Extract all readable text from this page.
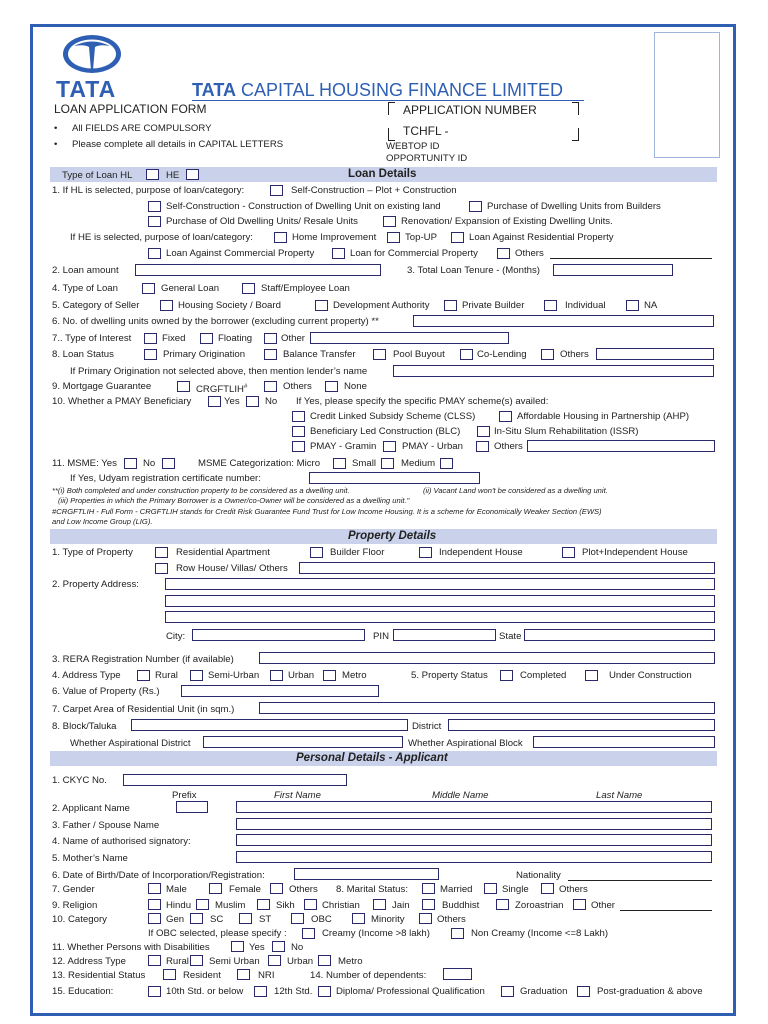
TATA	TATA CAPITAL HOUSING FINANCE LIMITED
LOAN APPLICATION FORM
• All FIELDS ARE COMPULSORY
• Please complete all details in CAPITAL LETTERS
APPLICATION NUMBER
TCHFL -
WEBTOP ID
OPPORTUNITY ID
Loan Details
Type of Loan HL	HE
1. If HL is selected, purpose of loan/category:	Self-Construction – Plot + Construction
Self-Construction - Construction of Dwelling Unit on existing land	Purchase of Dwelling Units from Builders
Purchase of Old Dwelling Units/ Resale Units	Renovation/ Expansion of Existing Dwelling Units.
If HE is selected, purpose of loan/category:	Home Improvement	Top-UP	Loan Against Residential Property
Loan Against Commercial Property	Loan for Commercial Property	Others
2. Loan amount	3. Total Loan Tenure - (Months)
4. Type of Loan	General Loan	Staff/Employee Loan
5. Category of Seller	Housing Society / Board	Development Authority	Private Builder	Individual	NA
6. No. of dwelling units owned by the borrower (excluding current property) **
7.. Type of Interest	Fixed	Floating	Other
8. Loan Status	Primary Origination	Balance Transfer	Pool Buyout	Co-Lending	Others
If Primary Origination not selected above, then mention lender’s name
9. Mortgage Guarantee	CRGFTLIH#	Others	None
10. Whether a PMAY Beneficiary	Yes	No If Yes, please specify the specific PMAY scheme(s) availed:
Credit Linked Subsidy Scheme (CLSS)	Affordable Housing in Partnership (AHP)
Beneficiary Led Construction (BLC)	In-Situ Slum Rehabilitation (ISSR)
PMAY - Gramin	PMAY - Urban	Others
11. MSME: Yes	No	MSME Categorization: Micro	Small	Medium
If Yes, Udyam registration certificate number:
**(i) Both completed and under construction property to be considered as a dwelling unit.	(ii) Vacant Land won't be considered as a dwelling unit.
(iii) Properties in which the Primary Borrower is a Owner/co-Owner will be considered as a dwelling unit."
#CRGFTLIH - Full Form - CRGFTLIH stands for Credit Risk Guarantee Fund Trust for Low Income Housing. It is a scheme for Economically Weaker Section (EWS)
and Low Income Group (LIG).
Property Details
1. Type of Property	Residential Apartment	Builder Floor	Independent House	Plot+Independent House
Row House/ Villas/ Others
2. Property Address:
City:	PIN	State
3. RERA Registration Number (if available)
4. Address Type	Rural	Semi-Urban	Urban	Metro	5. Property Status	Completed	Under Construction
6. Value of Property (Rs.)
7. Carpet Area of Residential Unit (in sqm.)
8. Block/Taluka	District
Whether Aspirational District	Whether Aspirational Block
Personal Details - Applicant
1. CKYC No.
Prefix	First Name	Middle Name	Last Name
2. Applicant Name
3. Father / Spouse Name
4. Name of authorised signatory:
5. Mother’s Name
6. Date of Birth/Date of Incorporation/Registration:	Nationality
7. Gender	Male	Female	Others 8. Marital Status:	Married	Single	Others
9. Religion	Hindu Muslim	Sikh	Christian	Jain	Buddhist	Zoroastrian	Other
10. Category	Gen	SC	ST	OBC	Minority	Others
If OBC selected, please specify :	Creamy (Income >8 lakh)	Non Creamy (Income <=8 Lakh)
11. Whether Persons with Disabilities	Yes	No
12. Address Type	Rural Semi Urban	Urban	Metro
13. Residential Status	Resident	NRI	14. Number of dependents:
15. Education:	10th Std. or below	12th Std. Diploma/ Professional Qualification	Graduation	Post-graduation & above
